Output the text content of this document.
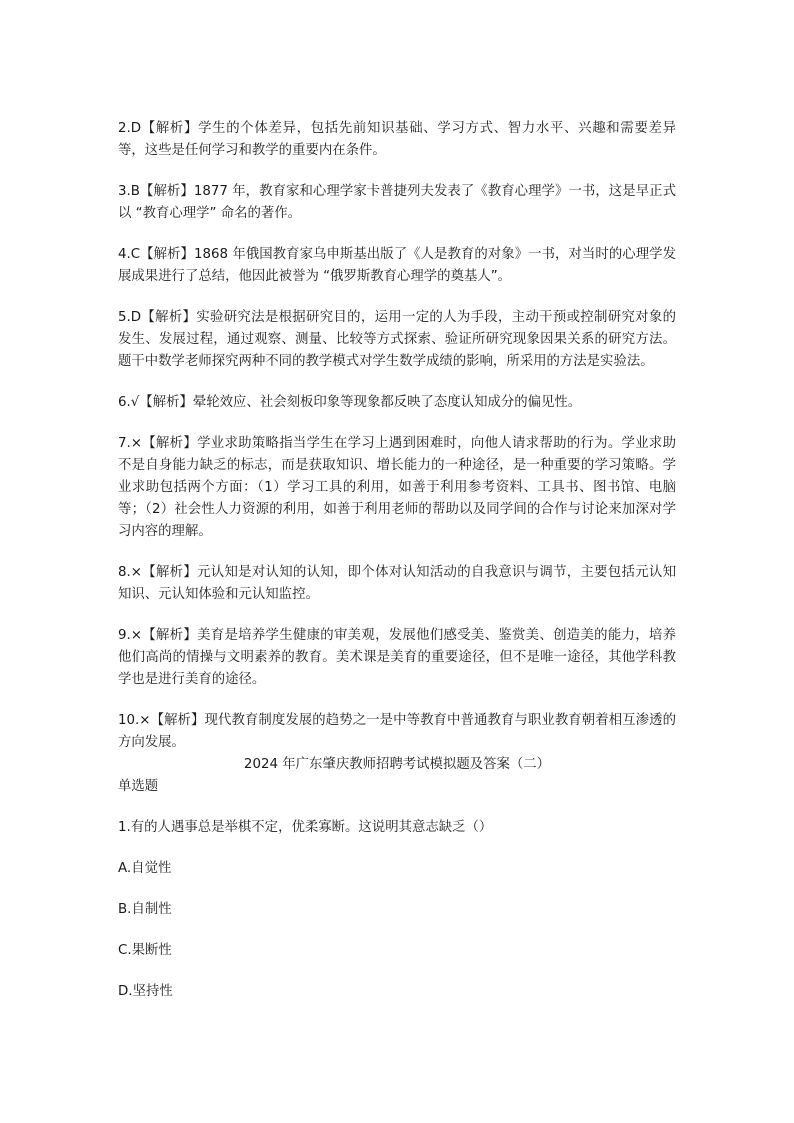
2.D【解析】学生的个体差异，包括先前知识基础、学习方式、智力水平、兴趣和需要差异等，这些是任何学习和教学的重要内在条件。

3.B【解析】1877 年，教育家和心理学家卡普捷列夫发表了《教育心理学》一书，这是早正式以 “教育心理学” 命名的著作。

4.C【解析】1868 年俄国教育家乌申斯基出版了《人是教育的对象》一书，对当时的心理学发展成果进行了总结，他因此被誉为 “俄罗斯教育心理学的奠基人”。

5.D【解析】实验研究法是根据研究目的，运用一定的人为手段，主动干预或控制研究对象的发生、发展过程，通过观察、测量、比较等方式探索、验证所研究现象因果关系的研究方法。题干中数学老师探究两种不同的教学模式对学生数学成绩的影响，所采用的方法是实验法。

6.√【解析】晕轮效应、社会刻板印象等现象都反映了态度认知成分的偏见性。

7.×【解析】学业求助策略指当学生在学习上遇到困难时，向他人请求帮助的行为。学业求助不是自身能力缺乏的标志，而是获取知识、增长能力的一种途径，是一种重要的学习策略。学业求助包括两个方面：（1）学习工具的利用，如善于利用参考资料、工具书、图书馆、电脑等；（2）社会性人力资源的利用，如善于利用老师的帮助以及同学间的合作与讨论来加深对学习内容的理解。

8.×【解析】元认知是对认知的认知，即个体对认知活动的自我意识与调节，主要包括元认知知识、元认知体验和元认知监控。

9.×【解析】美育是培养学生健康的审美观，发展他们感受美、鉴赏美、创造美的能力，培养他们高尚的情操与文明素养的教育。美术课是美育的重要途径，但不是唯一途径，其他学科教学也是进行美育的途径。

10.×【解析】现代教育制度发展的趋势之一是中等教育中普通教育与职业教育朝着相互渗透的方向发展。

2024 年广东肇庆教师招聘考试模拟题及答案（二）
单选题
1.有的人遇事总是举棋不定，优柔寡断。这说明其意志缺乏（）
A.自觉性
B.自制性
C.果断性
D.坚持性
